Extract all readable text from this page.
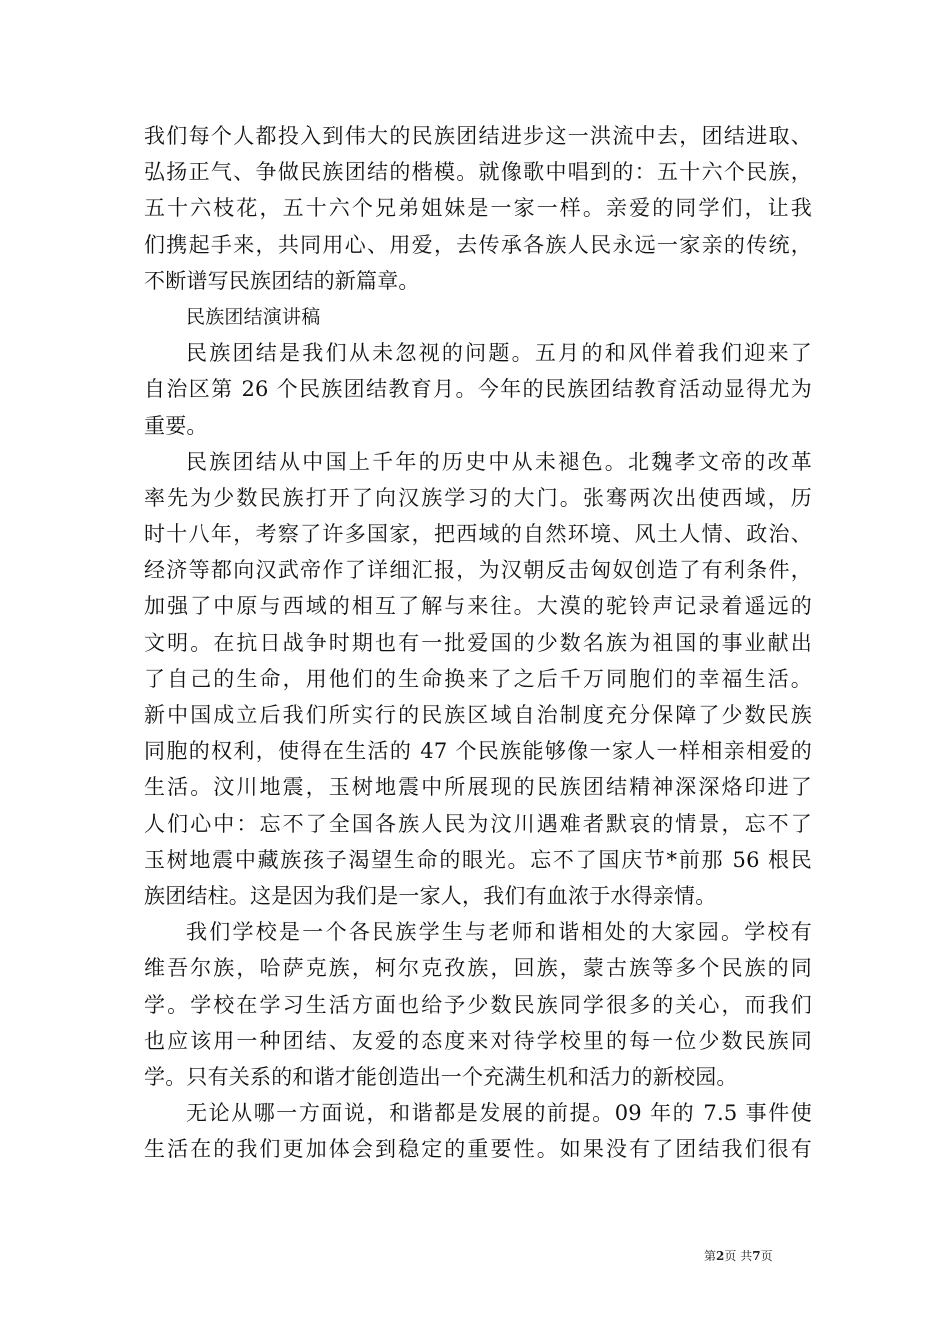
我们每个人都投入到伟大的民族团结进步这一洪流中去，团结进取、
弘扬正气、争做民族团结的楷模。就像歌中唱到的：五十六个民族，
五十六枝花，五十六个兄弟姐妹是一家一样。亲爱的同学们，让我
们携起手来，共同用心、用爱，去传承各族人民永远一家亲的传统，
不断谱写民族团结的新篇章。
民族团结演讲稿
民族团结是我们从未忽视的问题。五月的和风伴着我们迎来了
自治区第 26 个民族团结教育月。今年的民族团结教育活动显得尤为
重要。
民族团结从中国上千年的历史中从未褪色。北魏孝文帝的改革
率先为少数民族打开了向汉族学习的大门。张骞两次出使西域，历
时十八年，考察了许多国家，把西域的自然环境、风土人情、政治、
经济等都向汉武帝作了详细汇报，为汉朝反击匈奴创造了有利条件，
加强了中原与西域的相互了解与来往。大漠的驼铃声记录着遥远的
文明。在抗日战争时期也有一批爱国的少数名族为祖国的事业献出
了自己的生命，用他们的生命换来了之后千万同胞们的幸福生活。
新中国成立后我们所实行的民族区域自治制度充分保障了少数民族
同胞的权利，使得在生活的 47 个民族能够像一家人一样相亲相爱的
生活。汶川地震，玉树地震中所展现的民族团结精神深深烙印进了
人们心中：忘不了全国各族人民为汶川遇难者默哀的情景，忘不了
玉树地震中藏族孩子渴望生命的眼光。忘不了国庆节*前那 56 根民
族团结柱。这是因为我们是一家人，我们有血浓于水得亲情。
我们学校是一个各民族学生与老师和谐相处的大家园。学校有
维吾尔族，哈萨克族，柯尔克孜族，回族，蒙古族等多个民族的同
学。学校在学习生活方面也给予少数民族同学很多的关心，而我们
也应该用一种团结、友爱的态度来对待学校里的每一位少数民族同
学。只有关系的和谐才能创造出一个充满生机和活力的新校园。
无论从哪一方面说，和谐都是发展的前提。09 年的 7.5 事件使
生活在的我们更加体会到稳定的重要性。如果没有了团结我们很有
第2页 共7页
